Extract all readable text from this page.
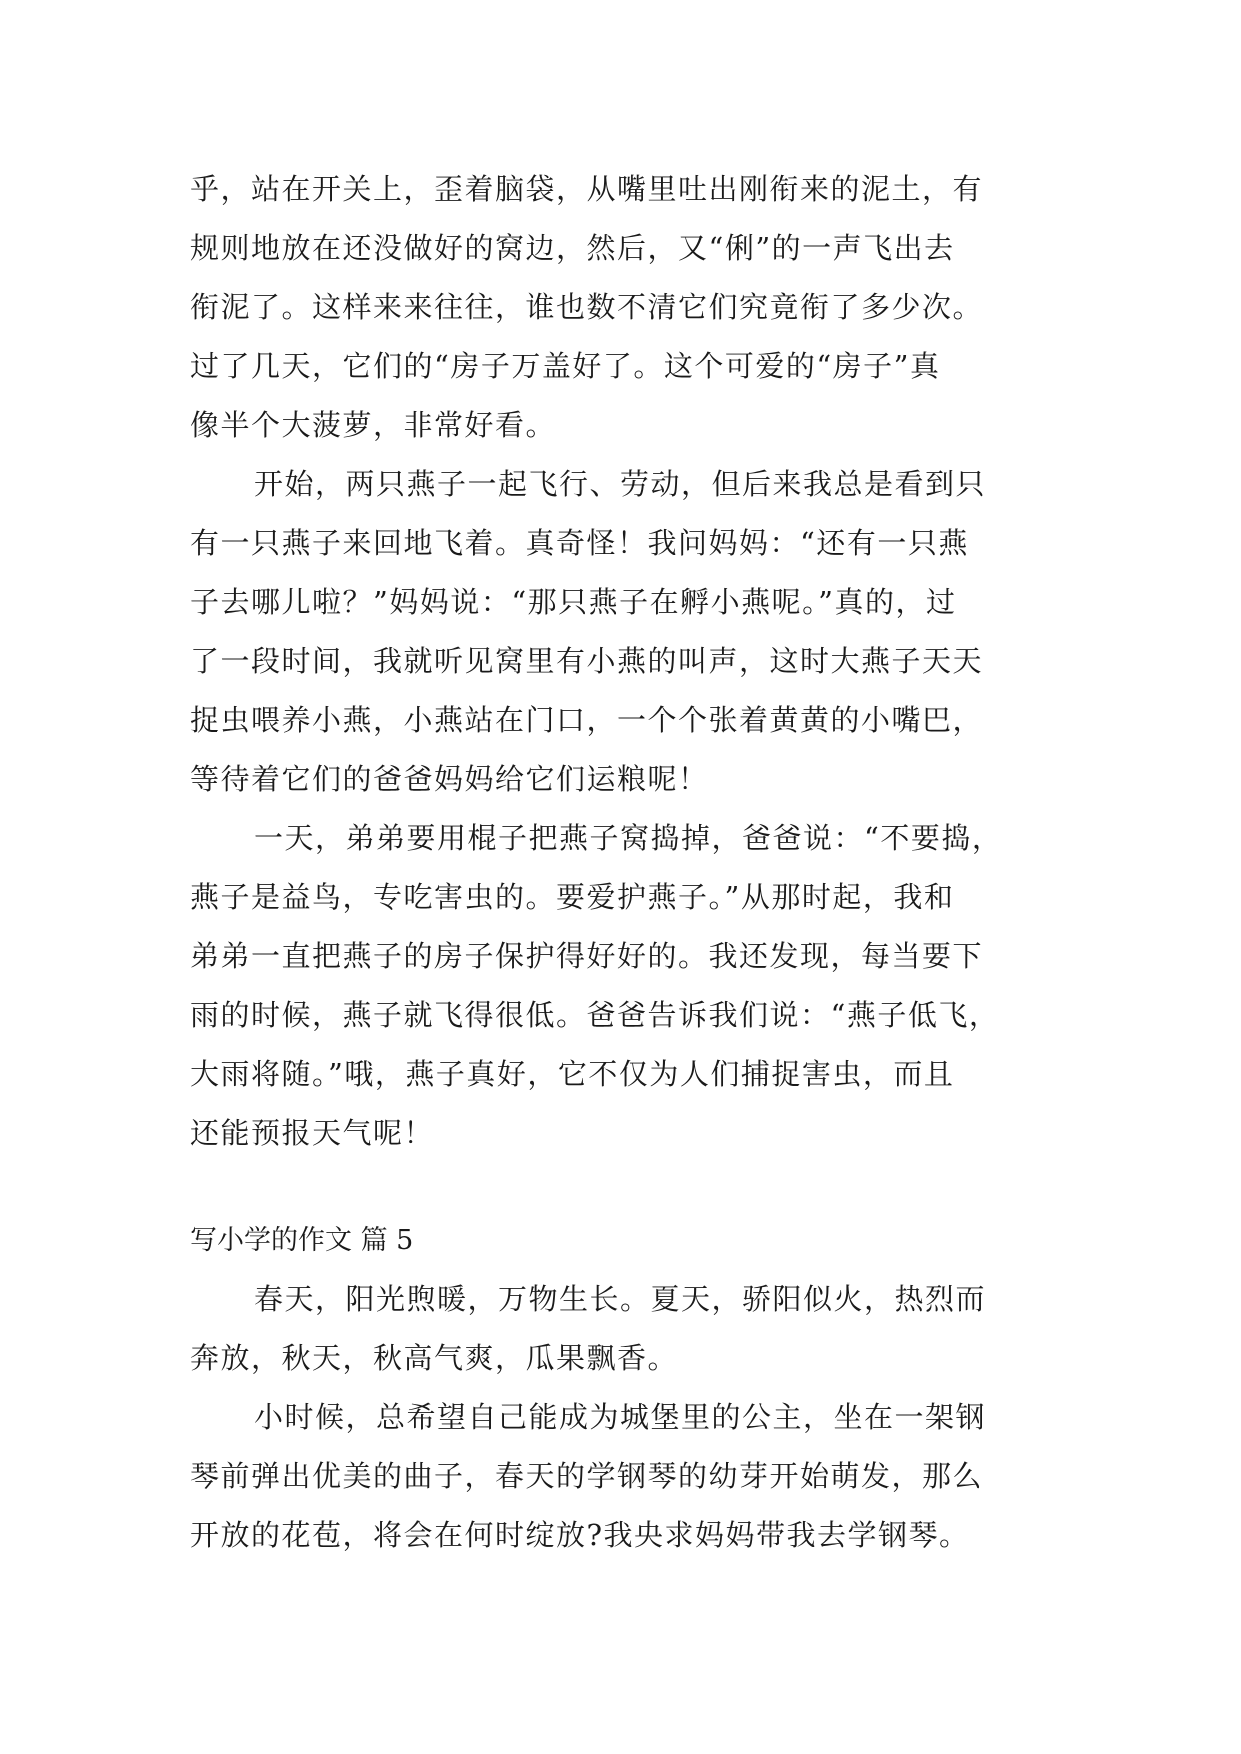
乎，站在开关上，歪着脑袋，从嘴里吐出刚衔来的泥土，有
规则地放在还没做好的窝边，然后，又“俐”的一声飞出去
衔泥了。这样来来往往，谁也数不清它们究竟衔了多少次。
过了几天，它们的“房子万盖好了。这个可爱的“房子”真
像半个大菠萝，非常好看。
开始，两只燕子一起飞行、劳动，但后来我总是看到只
有一只燕子来回地飞着。真奇怪！我问妈妈：“还有一只燕
子去哪儿啦？”妈妈说：“那只燕子在孵小燕呢。”真的，过
了一段时间，我就听见窝里有小燕的叫声，这时大燕子天天
捉虫喂养小燕，小燕站在门口，一个个张着黄黄的小嘴巴，
等待着它们的爸爸妈妈给它们运粮呢！
一天，弟弟要用棍子把燕子窝捣掉，爸爸说：“不要捣，
燕子是益鸟，专吃害虫的。要爱护燕子。”从那时起，我和
弟弟一直把燕子的房子保护得好好的。我还发现，每当要下
雨的时候，燕子就飞得很低。爸爸告诉我们说：“燕子低飞，
大雨将随。”哦，燕子真好，它不仅为人们捕捉害虫，而且
还能预报天气呢！
写小学的作文 篇 5
春天，阳光煦暖，万物生长。夏天，骄阳似火，热烈而
奔放，秋天，秋高气爽，瓜果飘香。
小时候，总希望自己能成为城堡里的公主，坐在一架钢
琴前弹出优美的曲子，春天的学钢琴的幼芽开始萌发，那么
开放的花苞，将会在何时绽放?我央求妈妈带我去学钢琴。
